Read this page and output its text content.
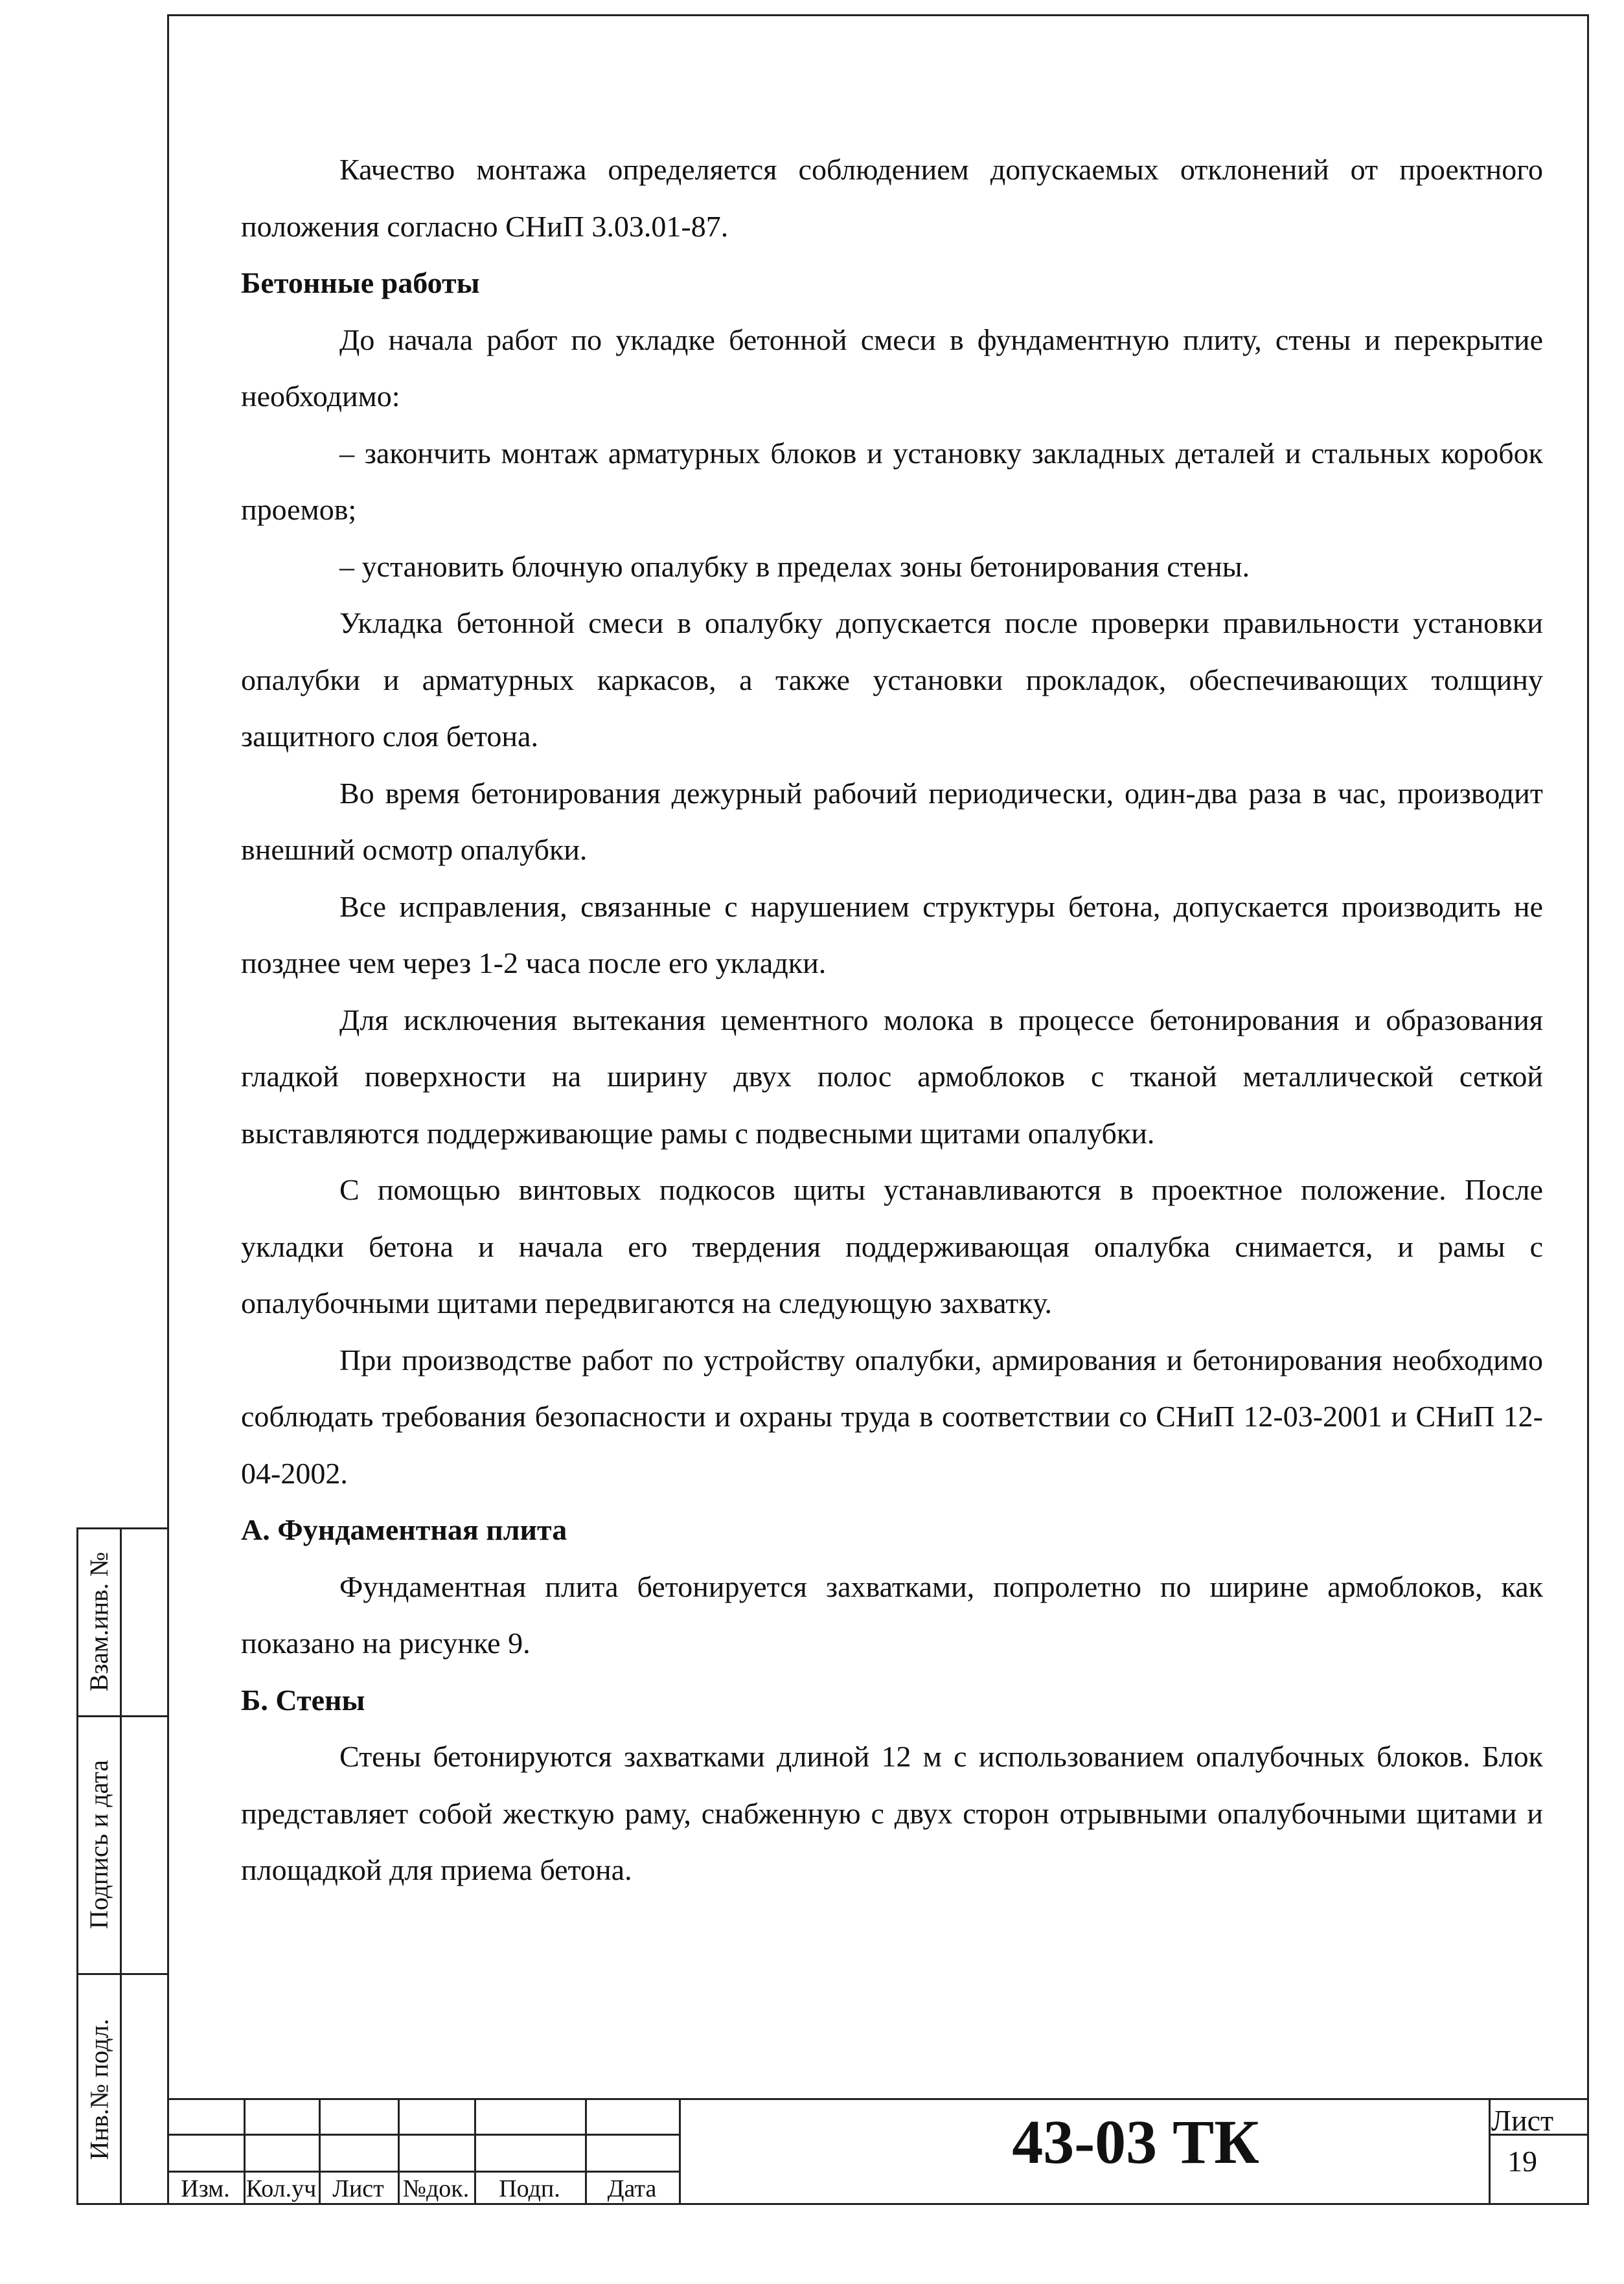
Качество монтажа определяется соблюдением допускаемых отклонений от проектного положения согласно СНиП 3.03.01-87.

Бетонные работы

До начала работ по укладке бетонной смеси в фундаментную плиту, стены и перекрытие необходимо:

– закончить монтаж арматурных блоков и установку закладных деталей и стальных коробок проемов;

– установить блочную опалубку в пределах зоны бетонирования стены.

Укладка бетонной смеси в опалубку допускается после проверки правильности установки опалубки и арматурных каркасов, а также установки прокладок, обеспечивающих толщину защитного слоя бетона.

Во время бетонирования дежурный рабочий периодически, один-два раза в час, производит внешний осмотр опалубки.

Все исправления, связанные с нарушением структуры бетона, допускается производить не позднее чем через 1-2 часа после его укладки.

Для исключения вытекания цементного молока в процессе бетонирования и образования гладкой поверхности на ширину двух полос армоблоков с тканой металлической сеткой выставляются поддерживающие рамы с подвесными щитами опалубки.

С помощью винтовых подкосов щиты устанавливаются в проектное положение. После укладки бетона и начала его твердения поддерживающая опалубка снимается, и рамы с опалубочными щитами передвигаются на следующую захватку.

При производстве работ по устройству опалубки, армирования и бетонирования необходимо соблюдать требования безопасности и охраны труда в соответствии со СНиП 12-03-2001 и СНиП 12-04-2002.

А. Фундаментная плита

Фундаментная плита бетонируется захватками, попролетно по ширине армоблоков, как показано на рисунке 9.

Б. Стены

Стены бетонируются захватками длиной 12 м с использованием опалубочных блоков. Блок представляет собой жесткую раму, снабженную с двух сторон отрывными опалубочными щитами и площадкой для приема бетона.

Взам.инв. №
Подпись и дата
Инв.№ подл.
Изм. Кол.уч Лист №док.	Подп.	Дата
43-03 ТК	Лист
19
